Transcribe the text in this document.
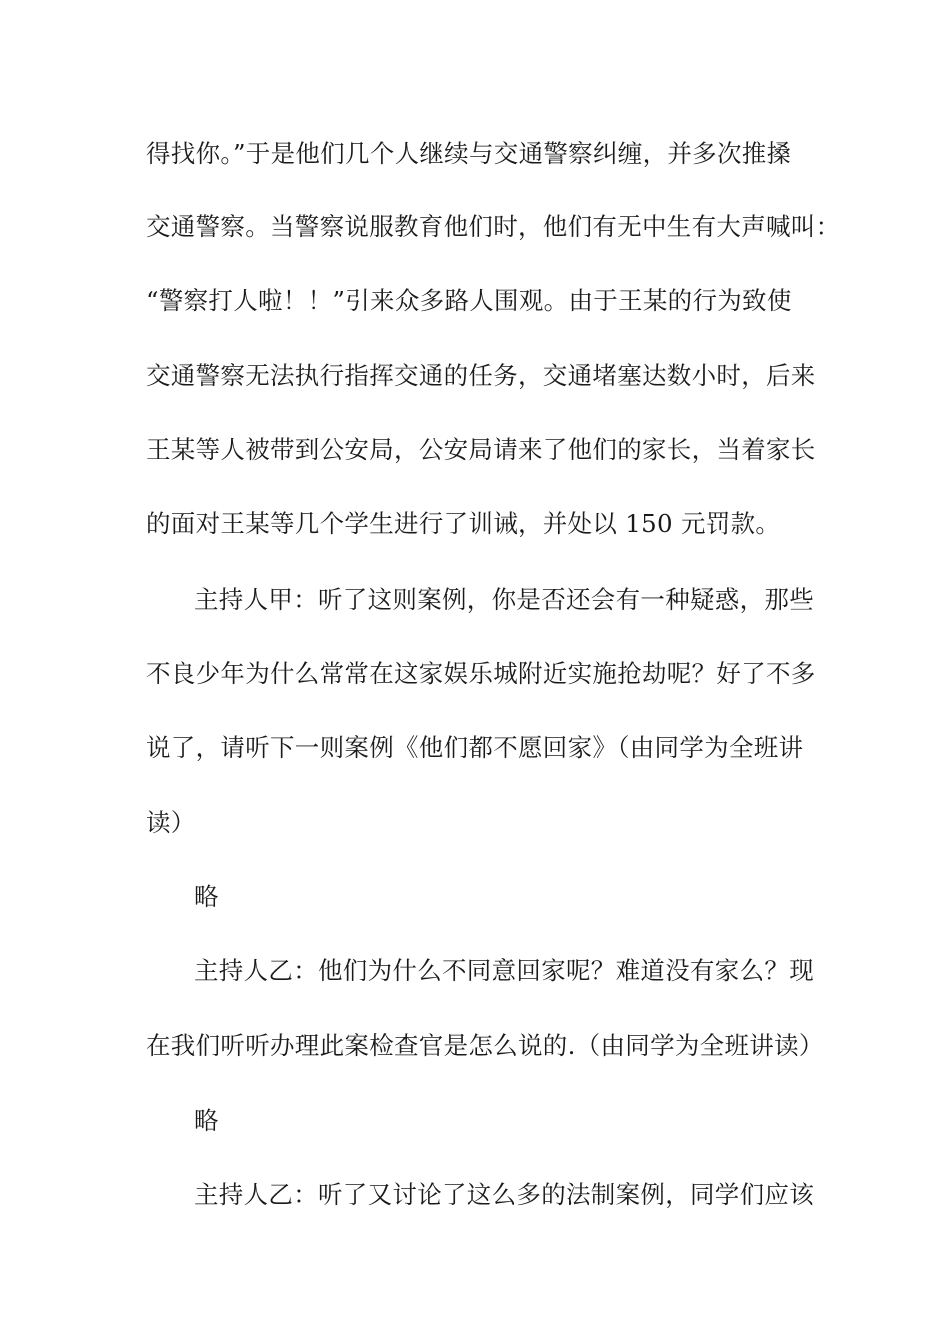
得找你。”于是他们几个人继续与交通警察纠缠，并多次推搡
交通警察。当警察说服教育他们时，他们有无中生有大声喊叫：
“警察打人啦！！”引来众多路人围观。由于王某的行为致使
交通警察无法执行指挥交通的任务，交通堵塞达数小时，后来
王某等人被带到公安局，公安局请来了他们的家长，当着家长
的面对王某等几个学生进行了训诫，并处以 150 元罚款。
主持人甲：听了这则案例，你是否还会有一种疑惑，那些
不良少年为什么常常在这家娱乐城附近实施抢劫呢？好了不多
说了，请听下一则案例《他们都不愿回家》（由同学为全班讲
读）
略
主持人乙：他们为什么不同意回家呢？难道没有家么？现
在我们听听办理此案检查官是怎么说的.（由同学为全班讲读）
略
主持人乙：听了又讨论了这么多的法制案例，同学们应该
